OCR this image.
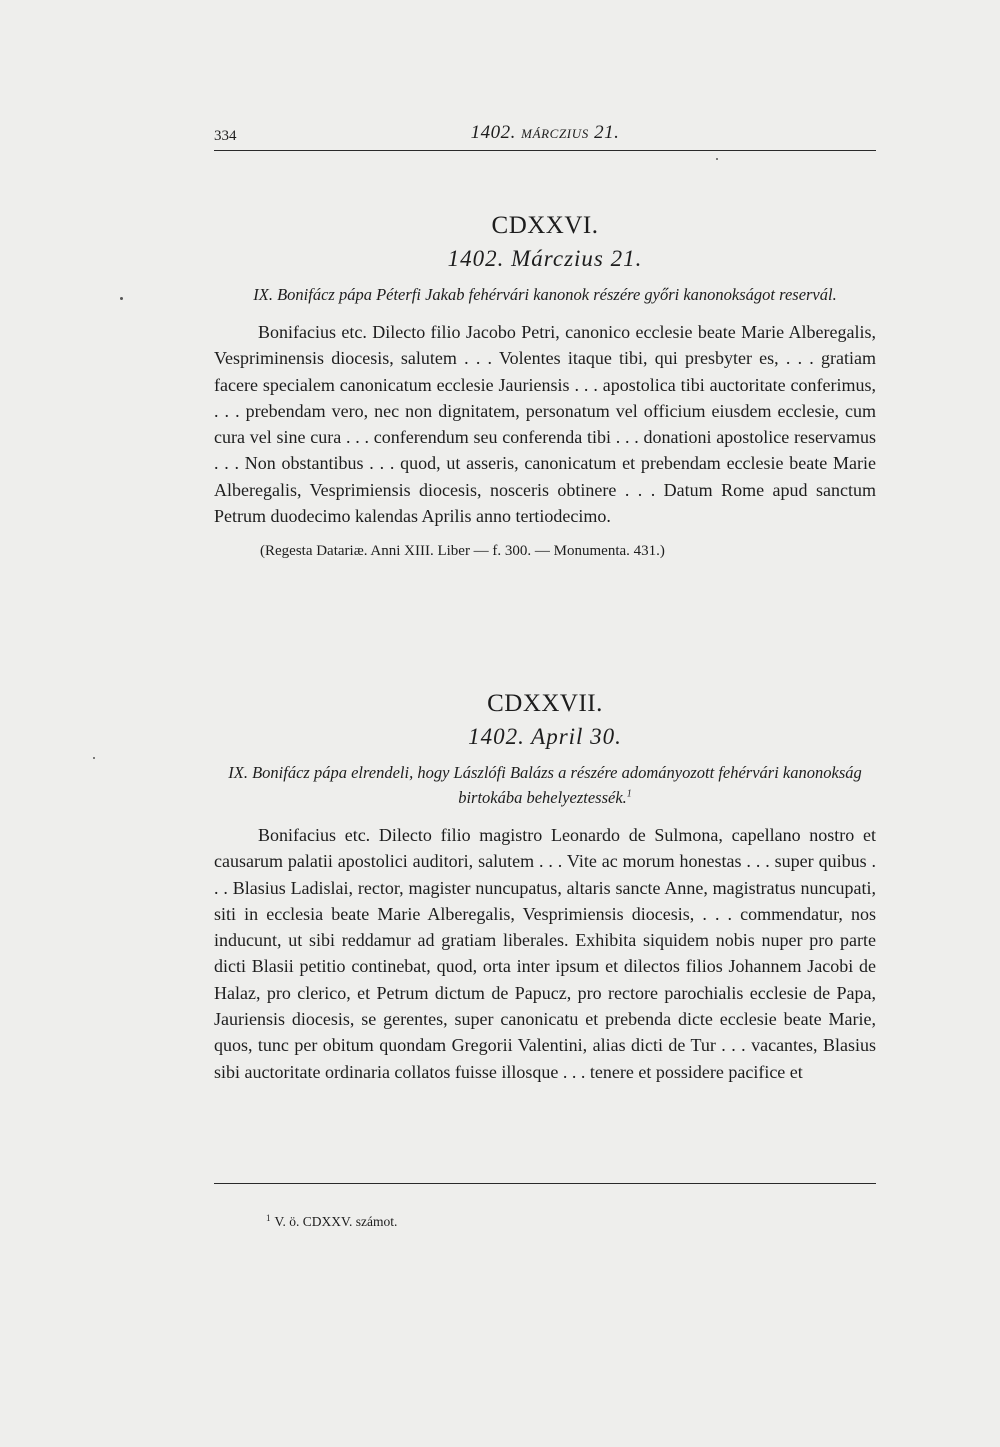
334	1402. MÁRCZIUS 21.
CDXXVI.
1402. Márczius 21.
IX. Bonifácz pápa Péterfi Jakab fehérvári kanonok részére győri kanonokságot reservál.
Bonifacius etc. Dilecto filio Jacobo Petri, canonico ecclesie beate Marie Alberegalis, Vespriminensis diocesis, salutem . . . Volentes itaque tibi, qui presbyter es, . . . gratiam facere specialem canonicatum ecclesie Jauriensis . . . apostolica tibi auctoritate conferimus, . . . prebendam vero, nec non dignitatem, personatum vel officium eiusdem ecclesie, cum cura vel sine cura . . . conferendum seu conferenda tibi . . . donationi apostolice reservamus . . . Non obstantibus . . . quod, ut asseris, canonicatum et prebendam ecclesie beate Marie Alberegalis, Vesprimiensis diocesis, nosceris obtinere . . . Datum Rome apud sanctum Petrum duodecimo kalendas Aprilis anno tertiodecimo.
(Regesta Datariæ. Anni XIII. Liber — f. 300. — Monumenta. 431.)
CDXXVII.
1402. April 30.
IX. Bonifácz pápa elrendeli, hogy Lászlófi Balázs a részére adományozott fehérvári kanonokság birtokába behelyeztessék.$^1$
Bonifacius etc. Dilecto filio magistro Leonardo de Sulmona, capellano nostro et causarum palatii apostolici auditori, salutem . . . Vite ac morum honestas . . . super quibus . . . Blasius Ladislai, rector, magister nuncupatus, altaris sancte Anne, magistratus nuncupati, siti in ecclesia beate Marie Alberegalis, Vesprimiensis diocesis, . . . commendatur, nos inducunt, ut sibi reddamur ad gratiam liberales. Exhibita siquidem nobis nuper pro parte dicti Blasii petitio continebat, quod, orta inter ipsum et dilectos filios Johannem Jacobi de Halaz, pro clerico, et Petrum dictum de Papucz, pro rectore parochialis ecclesie de Papa, Jauriensis diocesis, se gerentes, super canonicatu et prebenda dicte ecclesie beate Marie, quos, tunc per obitum quondam Gregorii Valentini, alias dicti de Tur . . . vacantes, Blasius sibi auctoritate ordinaria collatos fuisse illosque . . . tenere et possidere pacifice et
$^1$ V. ö. CDXXV. számot.
